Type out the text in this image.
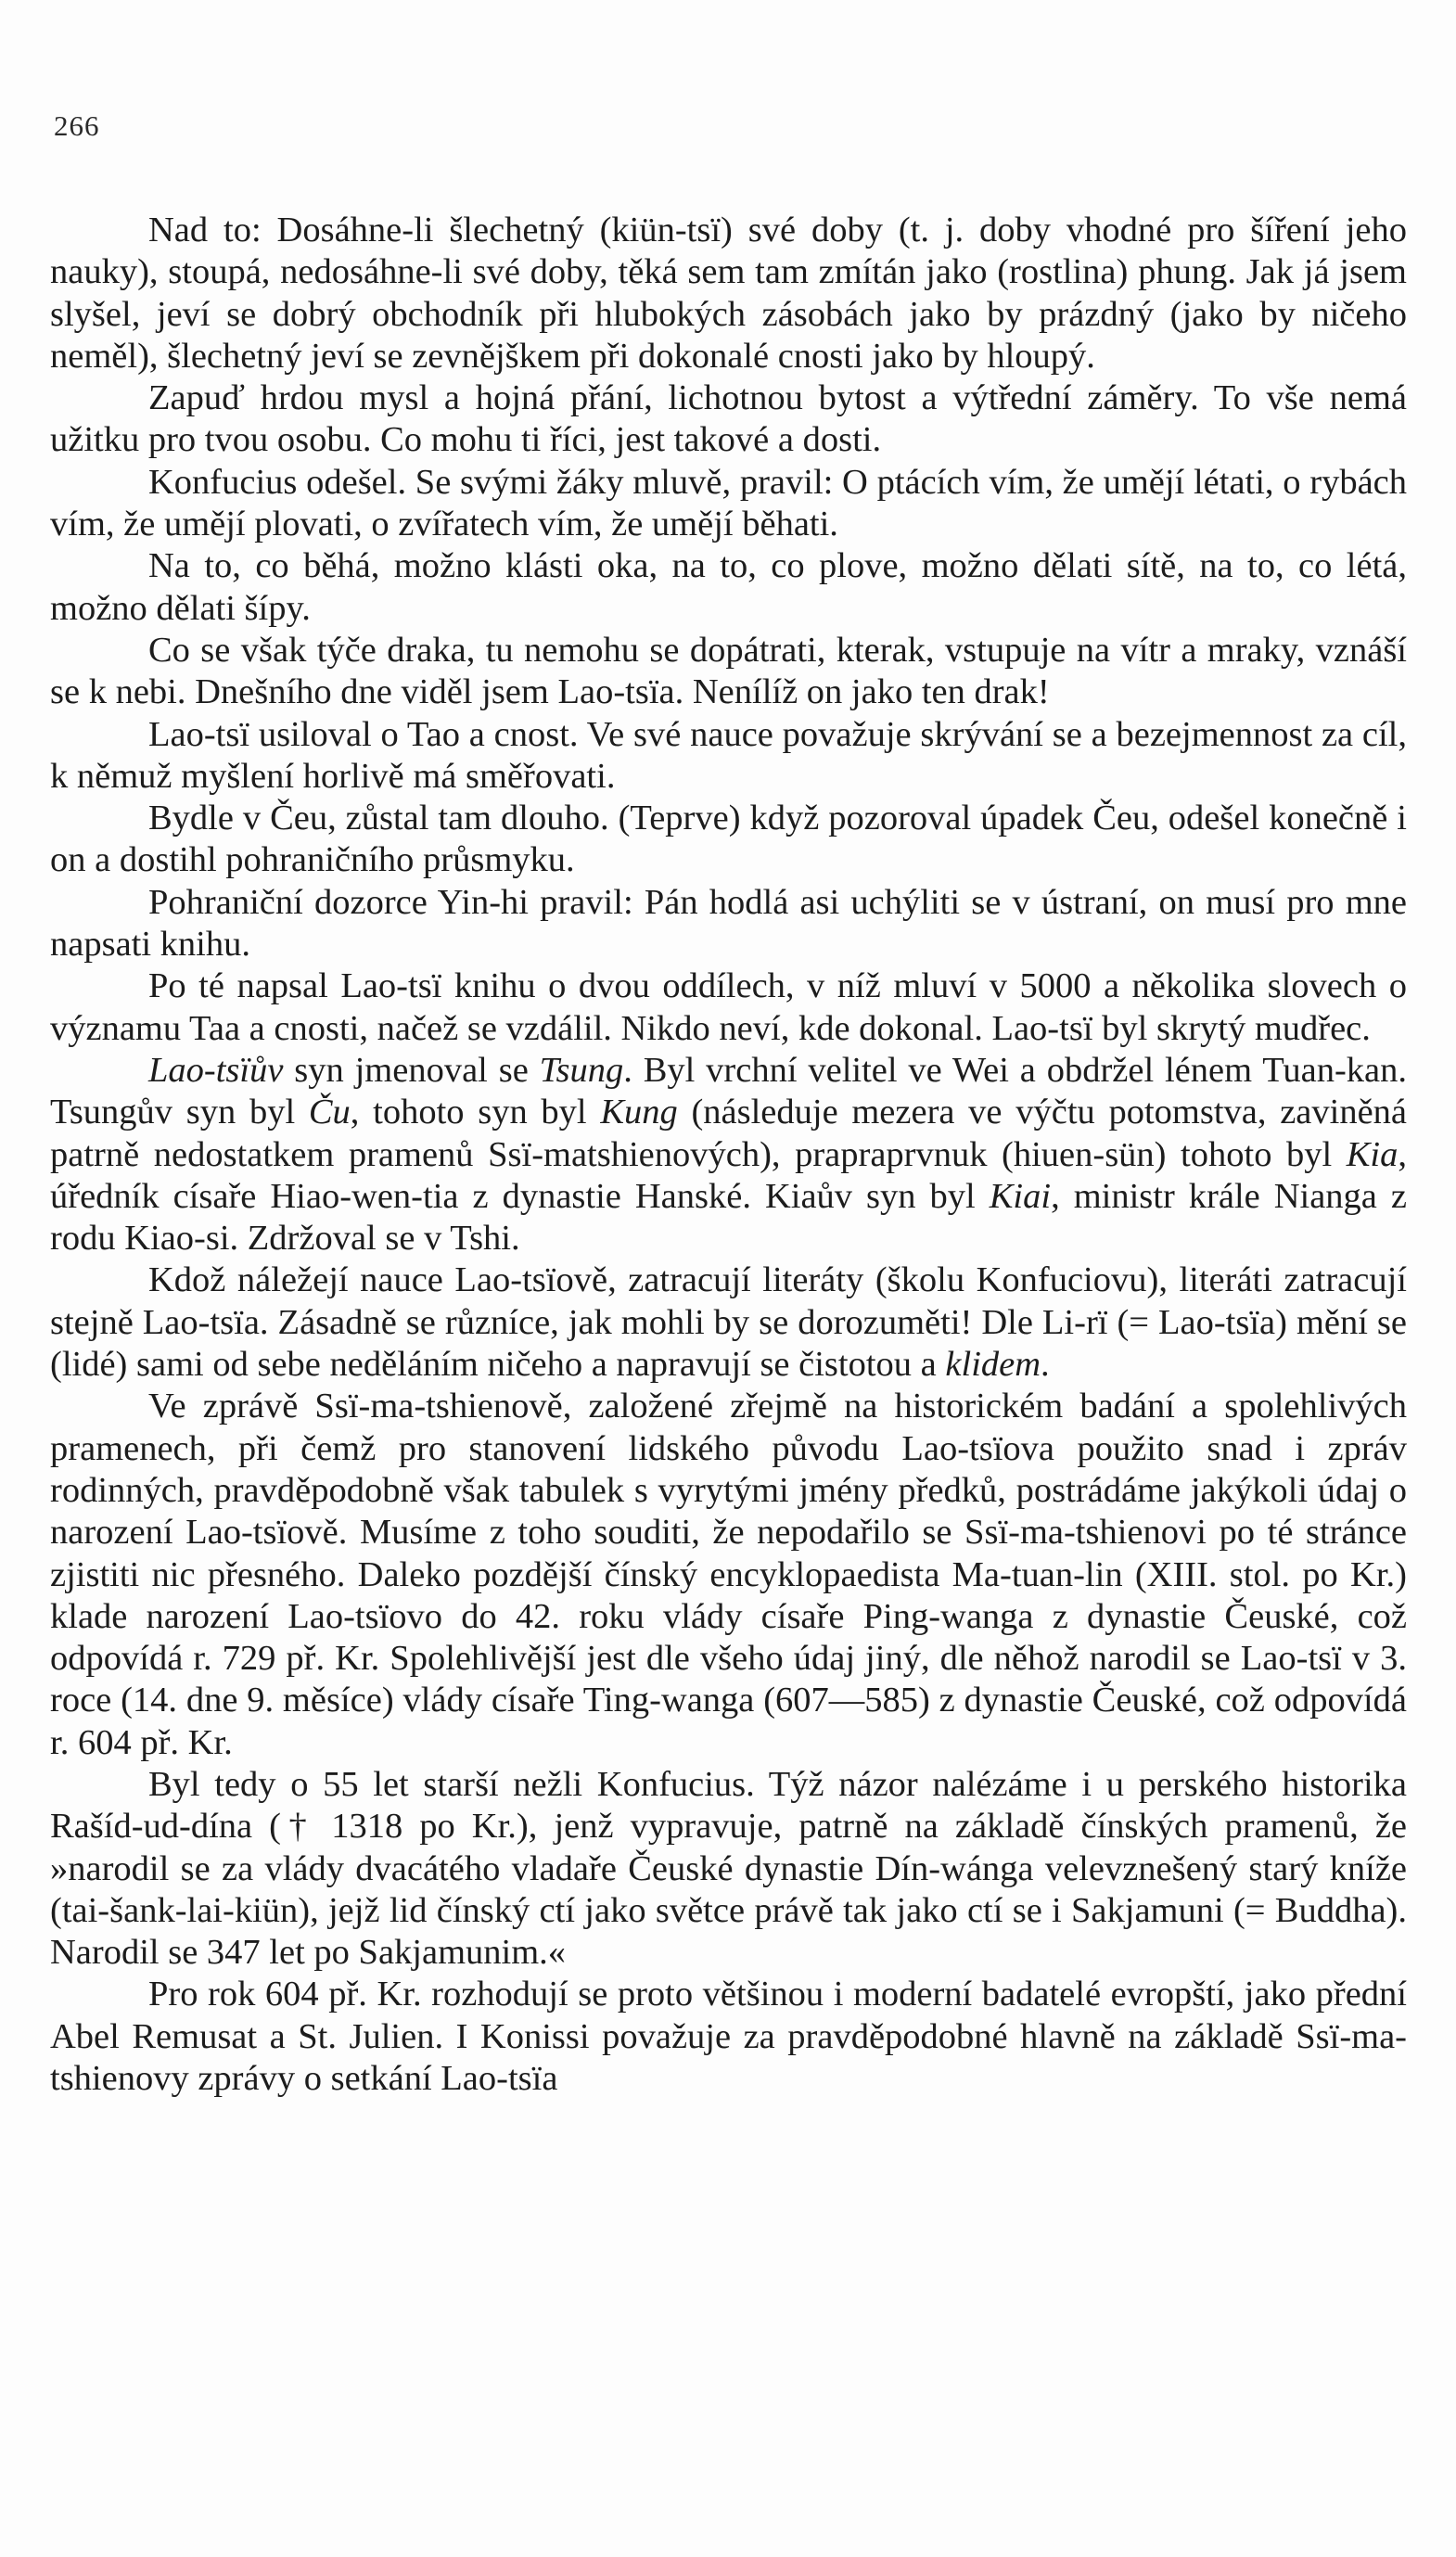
266

Nad to: Dosáhne-li šlechetný (kiün-tsï) své doby (t. j. doby vhodné pro šíření jeho nauky), stoupá, nedosáhne-li své doby, těká sem tam zmítán jako (rostlina) phung. Jak já jsem slyšel, jeví se dobrý obchodník při hlubokých zásobách jako by prázdný (jako by ničeho neměl), šlechetný jeví se zevnějškem při dokonalé cnosti jako by hloupý.

Zapuď hrdou mysl a hojná přání, lichotnou bytost a výtřední záměry. To vše nemá užitku pro tvou osobu. Co mohu ti říci, jest takové a dosti.

Konfucius odešel. Se svými žáky mluvě, pravil: O ptácích vím, že umějí létati, o rybách vím, že umějí plovati, o zvířatech vím, že umějí běhati.

Na to, co běhá, možno klásti oka, na to, co plove, možno dělati sítě, na to, co létá, možno dělati šípy.

Co se však týče draka, tu nemohu se dopátrati, kterak, vstupuje na vítr a mraky, vznáší se k nebi. Dnešního dne viděl jsem Lao-tsïa. Nenílíž on jako ten drak!

Lao-tsï usiloval o Tao a cnost. Ve své nauce považuje skrývání se a bezejmennost za cíl, k němuž myšlení horlivě má směřovati.

Bydle v Čeu, zůstal tam dlouho. (Teprve) když pozoroval úpadek Čeu, odešel konečně i on a dostihl pohraničního průsmyku.

Pohraniční dozorce Yin-hi pravil: Pán hodlá asi uchýliti se v ústraní, on musí pro mne napsati knihu.

Po té napsal Lao-tsï knihu o dvou oddílech, v níž mluví v 5000 a několika slovech o významu Taa a cnosti, načež se vzdálil. Nikdo neví, kde dokonal. Lao-tsï byl skrytý mudřec.

Lao-tsïův syn jmenoval se Tsung. Byl vrchní velitel ve Wei a obdržel lénem Tuan-kan. Tsungův syn byl Ču, tohoto syn byl Kung (následuje mezera ve výčtu potomstva, zaviněná patrně nedostatkem pramenů Ssï-matshienových), prapraprvnuk (hiuen-sün) tohoto byl Kia, úředník císaře Hiao-wen-tia z dynastie Hanské. Kiaův syn byl Kiai, ministr krále Nianga z rodu Kiao-si. Zdržoval se v Tshi.

Kdož náležejí nauce Lao-tsïově, zatracují literáty (školu Konfuciovu), literáti zatracují stejně Lao-tsïa. Zásadně se různíce, jak mohli by se dorozuměti! Dle Li-rï (= Lao-tsïa) mění se (lidé) sami od sebe neděláním ničeho a napravují se čistotou a klidem.

Ve zprávě Ssï-ma-tshienově, založené zřejmě na historickém badání a spolehlivých pramenech, při čemž pro stanovení lidského původu Lao-tsïova použito snad i zpráv rodinných, pravděpodobně však tabulek s vyrytými jmény předků, postrádáme jakýkoli údaj o narození Lao-tsïově. Musíme z toho souditi, že nepodařilo se Ssï-ma-tshienovi po té stránce zjistiti nic přesného. Daleko pozdější čínský encyklopaedista Ma-tuan-lin (XIII. stol. po Kr.) klade narození Lao-tsïovo do 42. roku vlády císaře Ping-wanga z dynastie Čeuské, což odpovídá r. 729 př. Kr. Spolehlivější jest dle všeho údaj jiný, dle něhož narodil se Lao-tsï v 3. roce (14. dne 9. měsíce) vlády císaře Ting-wanga (607—585) z dynastie Čeuské, což odpovídá r. 604 př. Kr.

Byl tedy o 55 let starší nežli Konfucius. Týž názor nalézáme i u perského historika Rašíd-ud-dína († 1318 po Kr.), jenž vypravuje, patrně na základě čínských pramenů, že »narodil se za vlády dvacátého vladaře Čeuské dynastie Dín-wánga velevznešený starý kníže (tai-šank-lai-kiün), jejž lid čínský ctí jako světce právě tak jako ctí se i Sakjamuni (= Buddha). Narodil se 347 let po Sakjamunim.«

Pro rok 604 př. Kr. rozhodují se proto většinou i moderní badatelé evropští, jako přední Abel Remusat a St. Julien. I Konissi považuje za pravděpodobné hlavně na základě Ssï-ma-tshienovy zprávy o setkání Lao-tsïa
